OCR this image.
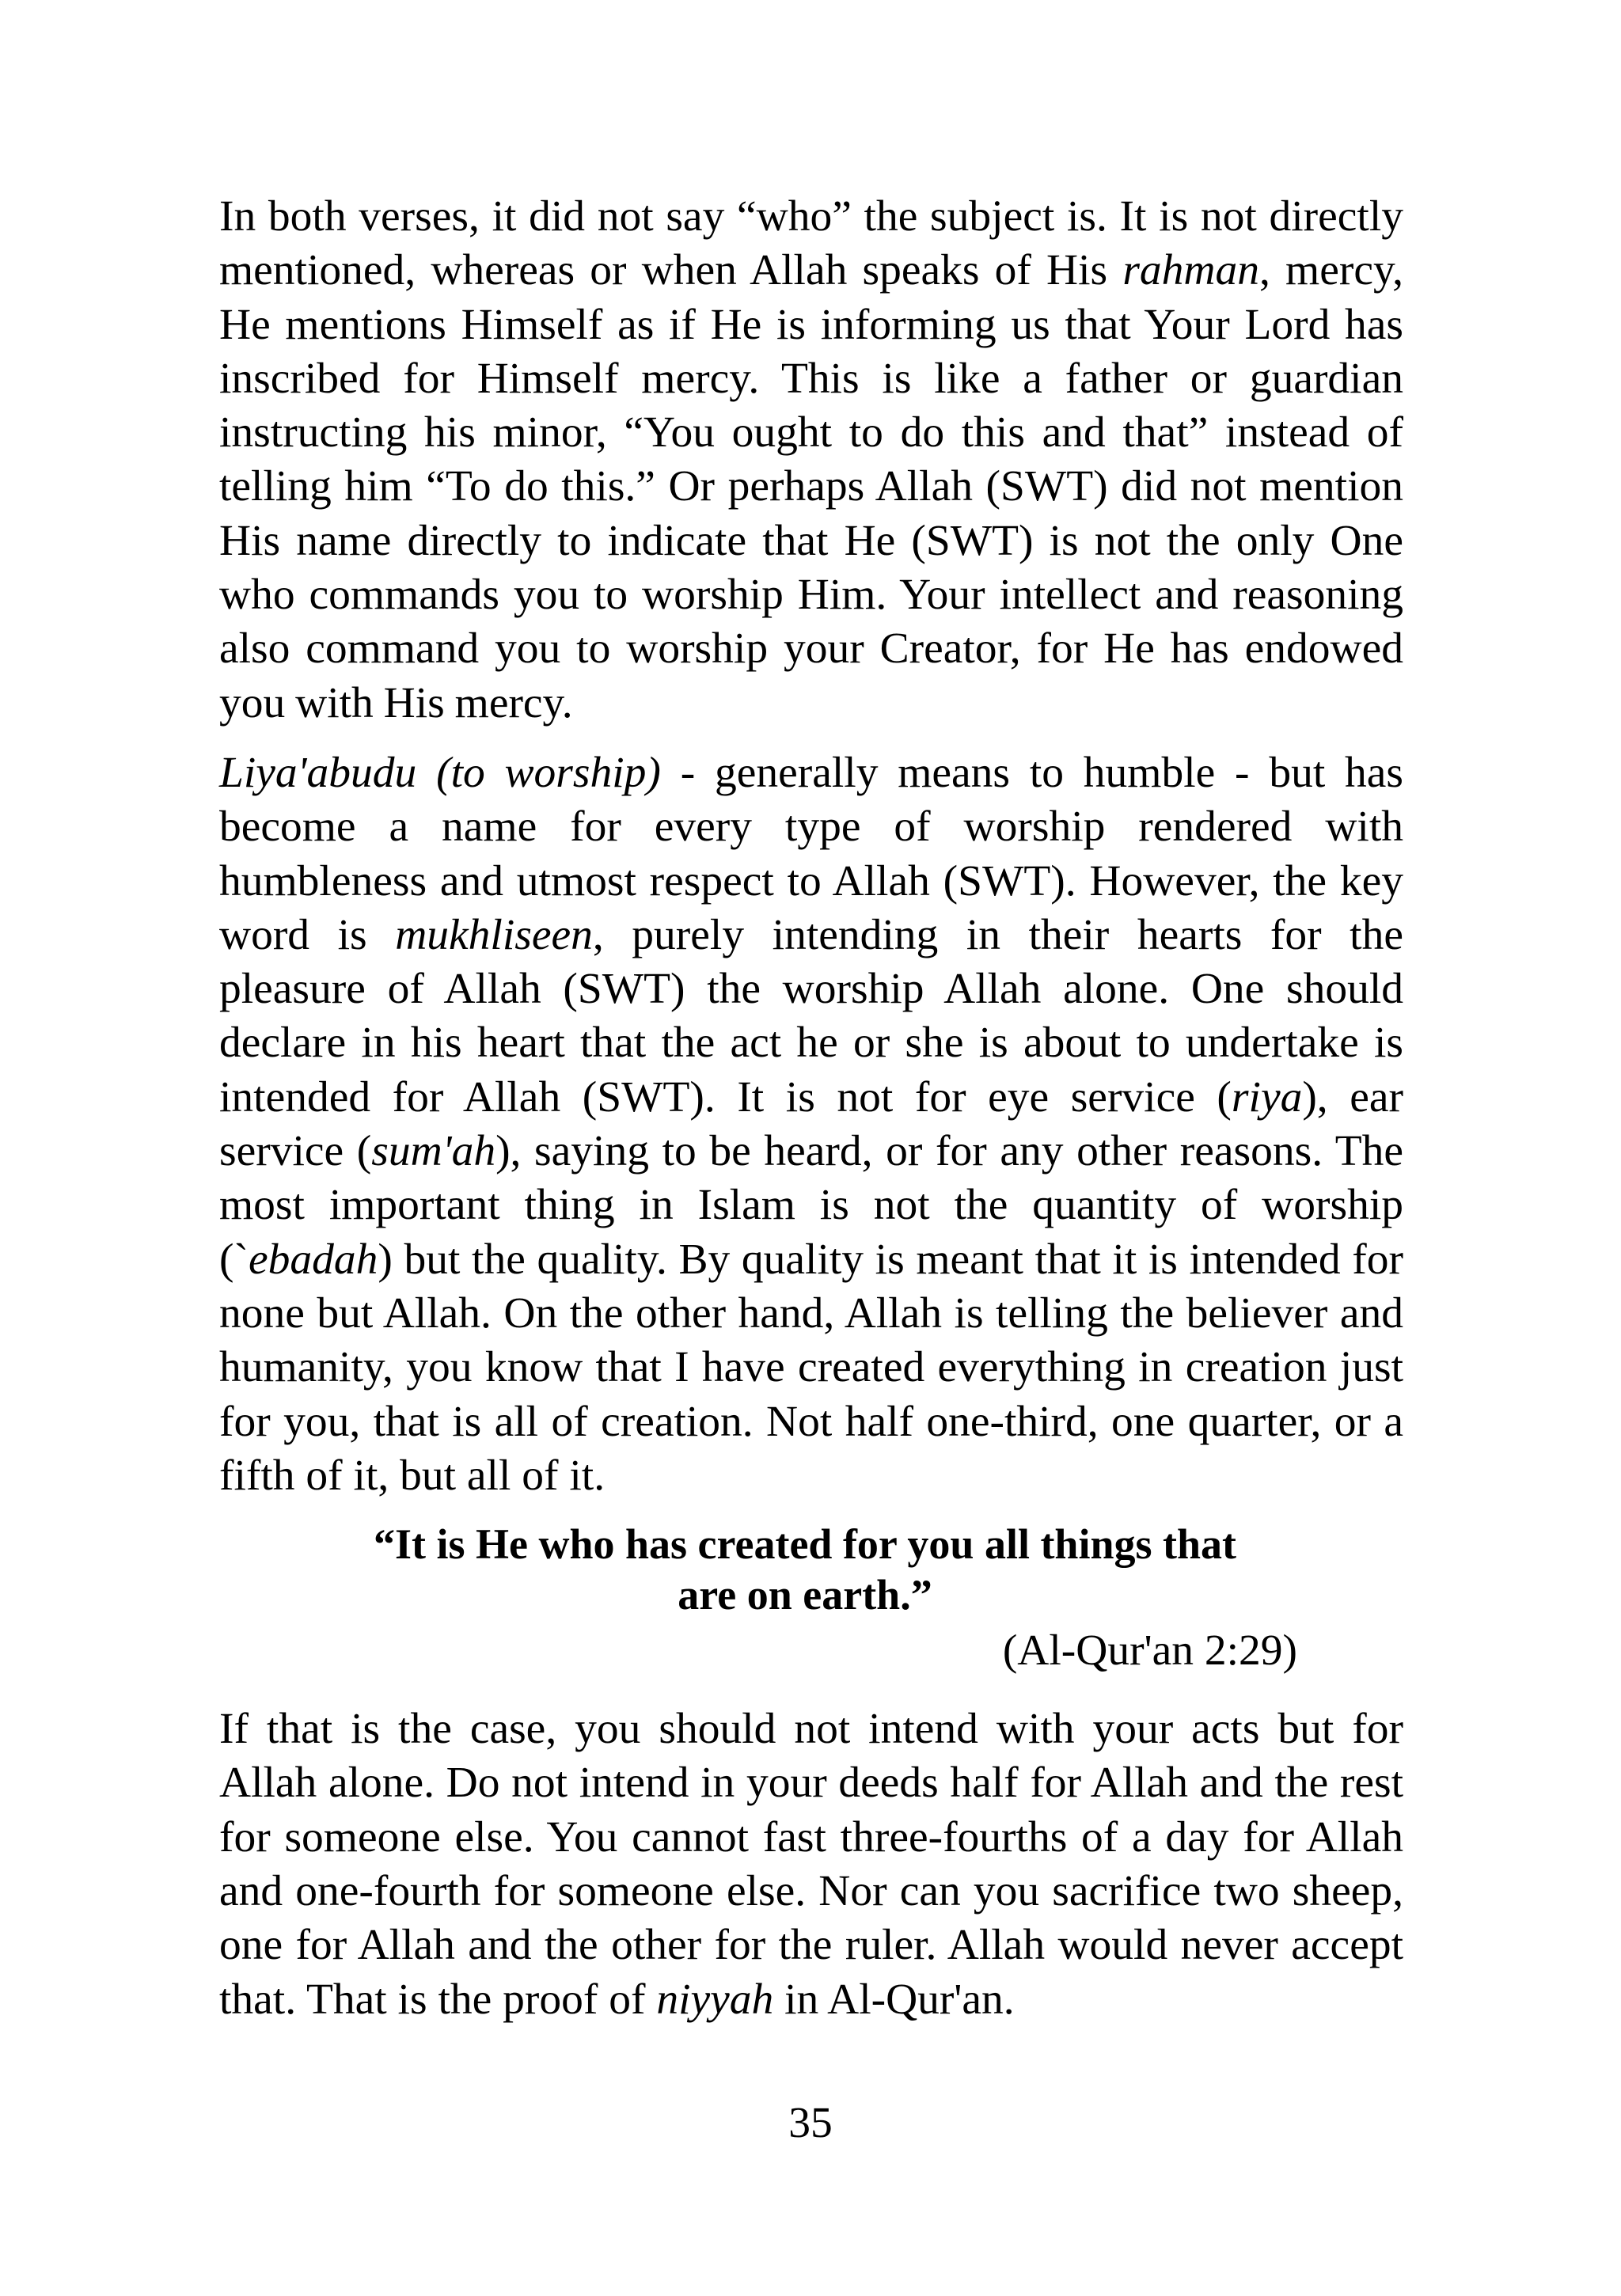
In both verses, it did not say “who” the subject is. It is not directly mentioned, whereas or when Allah speaks of His rahman, mercy, He mentions Himself as if He is informing us that Your Lord has inscribed for Himself mercy. This is like a father or guardian instructing his minor, “You ought to do this and that” instead of telling him “To do this.” Or perhaps Allah (SWT) did not mention His name directly to indicate that He (SWT) is not the only One who commands you to worship Him. Your intellect and reasoning also command you to worship your Creator, for He has endowed you with His mercy.

Liya'abudu (to worship) - generally means to humble - but has become a name for every type of worship rendered with humbleness and utmost respect to Allah (SWT). However, the key word is mukhliseen, purely intending in their hearts for the pleasure of Allah (SWT) the worship Allah alone. One should declare in his heart that the act he or she is about to undertake is intended for Allah (SWT). It is not for eye service (riya), ear service (sum'ah), saying to be heard, or for any other reasons. The most important thing in Islam is not the quantity of worship (`ebadah) but the quality. By quality is meant that it is intended for none but Allah. On the other hand, Allah is telling the believer and humanity, you know that I have created everything in creation just for you, that is all of creation. Not half one-third, one quarter, or a fifth of it, but all of it.

“It is He who has created for you all things that
are on earth.”

(Al-Qur'an 2:29)

If that is the case, you should not intend with your acts but for Allah alone. Do not intend in your deeds half for Allah and the rest for someone else. You cannot fast three-fourths of a day for Allah and one-fourth for someone else. Nor can you sacrifice two sheep, one for Allah and the other for the ruler. Allah would never accept that. That is the proof of niyyah in Al-Qur'an.

35
